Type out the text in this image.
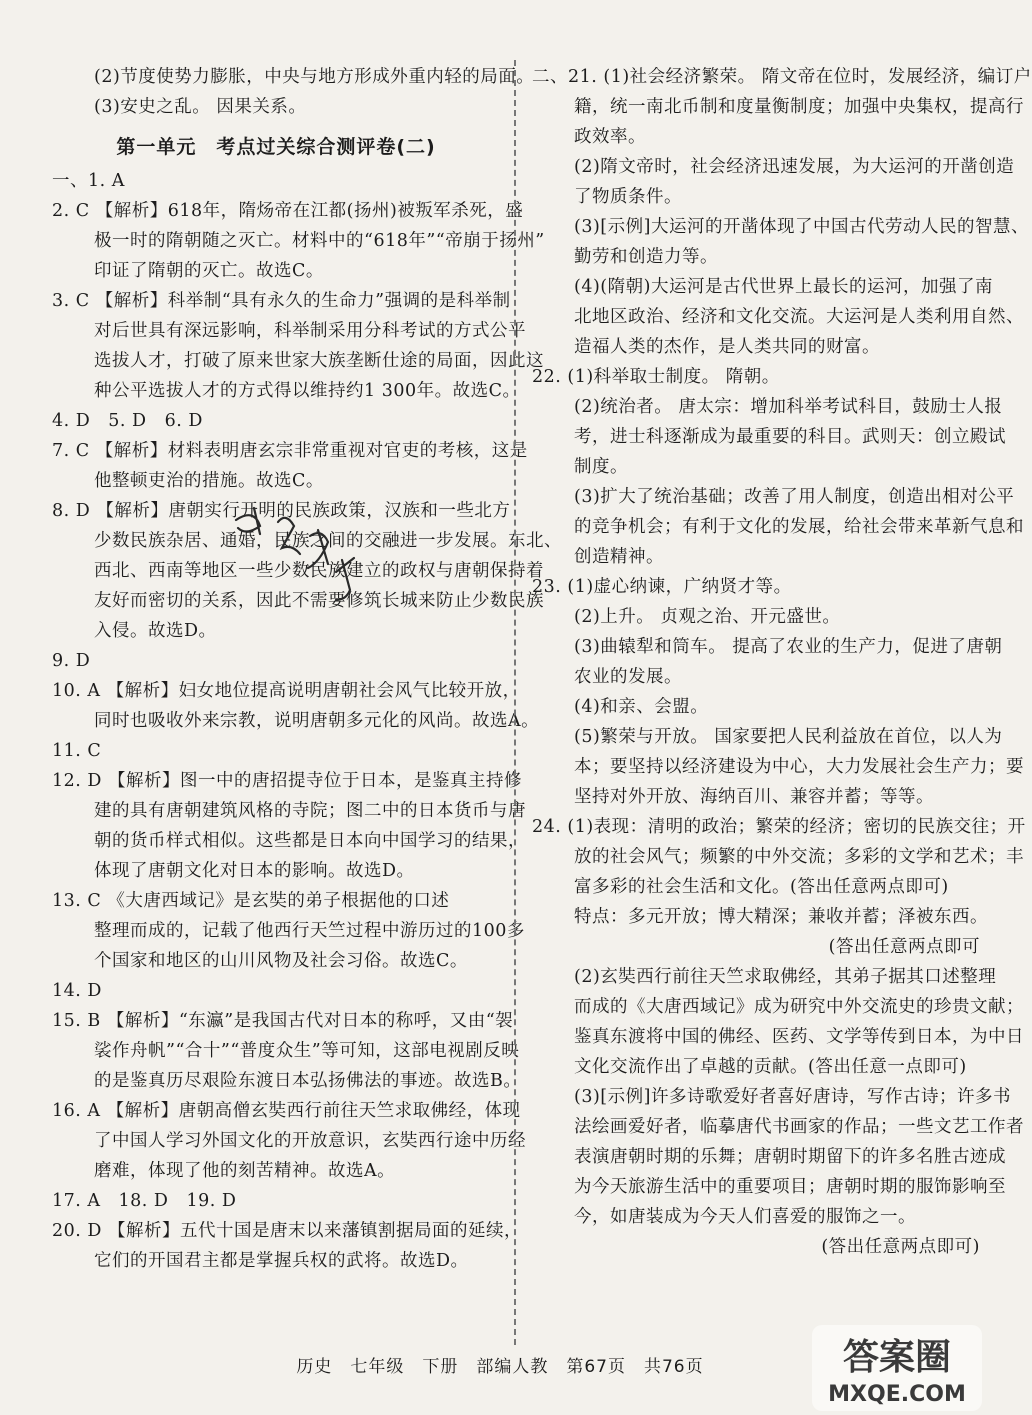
(2)节度使势力膨胀，中央与地方形成外重内轻的局面。
(3)安史之乱。 因果关系。
第一单元　考点过关综合测评卷(二)
一、1. A
2. C 【解析】618年，隋炀帝在江都(扬州)被叛军杀死，盛
极一时的隋朝随之灭亡。材料中的“618年”“帝崩于扬州”
印证了隋朝的灭亡。故选C。
3. C 【解析】科举制“具有永久的生命力”强调的是科举制
对后世具有深远影响，科举制采用分科考试的方式公平
选拔人才，打破了原来世家大族垄断仕途的局面，因此这
种公平选拔人才的方式得以维持约1 300年。故选C。
4. D　5. D　6. D
7. C 【解析】材料表明唐玄宗非常重视对官吏的考核，这是
他整顿吏治的措施。故选C。
8. D 【解析】唐朝实行开明的民族政策，汉族和一些北方
少数民族杂居、通婚，民族之间的交融进一步发展。东北、
西北、西南等地区一些少数民族建立的政权与唐朝保持着
友好而密切的关系，因此不需要修筑长城来防止少数民族
入侵。故选D。
9. D
10. A 【解析】妇女地位提高说明唐朝社会风气比较开放，
同时也吸收外来宗教，说明唐朝多元化的风尚。故选A。
11. C
12. D 【解析】图一中的唐招提寺位于日本，是鉴真主持修
建的具有唐朝建筑风格的寺院；图二中的日本货币与唐
朝的货币样式相似。这些都是日本向中国学习的结果，
体现了唐朝文化对日本的影响。故选D。
13. C 《大唐西域记》是玄奘的弟子根据他的口述
整理而成的，记载了他西行天竺过程中游历过的100多
个国家和地区的山川风物及社会习俗。故选C。
14. D
15. B 【解析】“东瀛”是我国古代对日本的称呼，又由“袈
裟作舟帆”“合十”“普度众生”等可知，这部电视剧反映
的是鉴真历尽艰险东渡日本弘扬佛法的事迹。故选B。
16. A 【解析】唐朝高僧玄奘西行前往天竺求取佛经，体现
了中国人学习外国文化的开放意识，玄奘西行途中历经
磨难，体现了他的刻苦精神。故选A。
17. A　18. D　19. D
20. D 【解析】五代十国是唐末以来藩镇割据局面的延续，
它们的开国君主都是掌握兵权的武将。故选D。
二、21. (1)社会经济繁荣。 隋文帝在位时，发展经济，编订户
籍，统一南北币制和度量衡制度；加强中央集权，提高行
政效率。
(2)隋文帝时，社会经济迅速发展，为大运河的开凿创造
了物质条件。
(3)[示例]大运河的开凿体现了中国古代劳动人民的智慧、
勤劳和创造力等。
(4)(隋朝)大运河是古代世界上最长的运河，加强了南
北地区政治、经济和文化交流。大运河是人类利用自然、
造福人类的杰作，是人类共同的财富。
22. (1)科举取士制度。 隋朝。
(2)统治者。 唐太宗：增加科举考试科目，鼓励士人报
考，进士科逐渐成为最重要的科目。武则天：创立殿试
制度。
(3)扩大了统治基础；改善了用人制度，创造出相对公平
的竞争机会；有利于文化的发展，给社会带来革新气息和
创造精神。
23. (1)虚心纳谏，广纳贤才等。
(2)上升。 贞观之治、开元盛世。
(3)曲辕犁和筒车。 提高了农业的生产力，促进了唐朝
农业的发展。
(4)和亲、会盟。
(5)繁荣与开放。 国家要把人民利益放在首位，以人为
本；要坚持以经济建设为中心，大力发展社会生产力；要
坚持对外开放、海纳百川、兼容并蓄；等等。
24. (1)表现：清明的政治；繁荣的经济；密切的民族交往；开
放的社会风气；频繁的中外交流；多彩的文学和艺术；丰
富多彩的社会生活和文化。(答出任意两点即可)
特点：多元开放；博大精深；兼收并蓄；泽被东西。
(答出任意两点即可
(2)玄奘西行前往天竺求取佛经，其弟子据其口述整理
而成的《大唐西域记》成为研究中外交流史的珍贵文献；
鉴真东渡将中国的佛经、医药、文学等传到日本，为中日
文化交流作出了卓越的贡献。(答出任意一点即可)
(3)[示例]许多诗歌爱好者喜好唐诗，写作古诗；许多书
法绘画爱好者，临摹唐代书画家的作品；一些文艺工作者
表演唐朝时期的乐舞；唐朝时期留下的许多名胜古迹成
为今天旅游生活中的重要项目；唐朝时期的服饰影响至
今，如唐装成为今天人们喜爱的服饰之一。
(答出任意两点即可)
历史　七年级　下册　部编人教　第67页　共76页	答案圈
MXQE.COM
